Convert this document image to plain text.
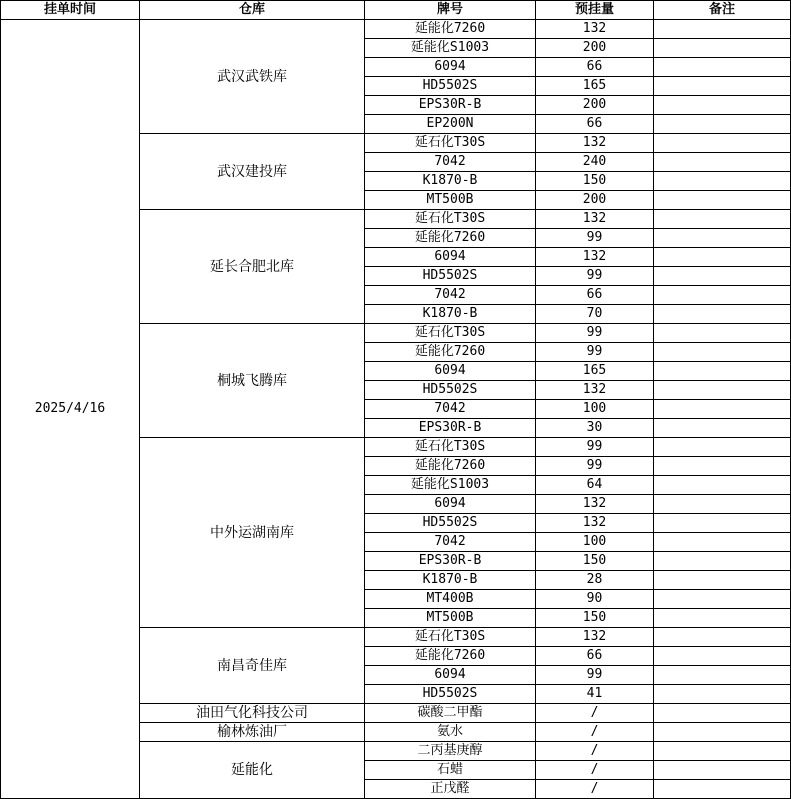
挂单时间	仓库	牌号	预挂量	备注
2025/4/16	武汉武铁库	延能化7260	132	
		延能化S1003	200	
		6094	66	
		HD5502S	165	
		EPS30R-B	200	
		EP200N	66	
	武汉建投库	延石化T30S	132	
		7042	240	
		K1870-B	150	
		MT500B	200	
	延长合肥北库	延石化T30S	132	
		延能化7260	99	
		6094	132	
		HD5502S	99	
		7042	66	
		K1870-B	70	
	桐城飞腾库	延石化T30S	99	
		延能化7260	99	
		6094	165	
		HD5502S	132	
		7042	100	
		EPS30R-B	30	
	中外运湖南库	延石化T30S	99	
		延能化7260	99	
		延能化S1003	64	
		6094	132	
		HD5502S	132	
		7042	100	
		EPS30R-B	150	
		K1870-B	28	
		MT400B	90	
		MT500B	150	
	南昌奇佳库	延石化T30S	132	
		延能化7260	66	
		6094	99	
		HD5502S	41	
	油田气化科技公司	碳酸二甲酯	/	
	榆林炼油厂	氨水	/	
	延能化	二丙基庚醇	/	
		石蜡	/	
		正戊醛	/	
